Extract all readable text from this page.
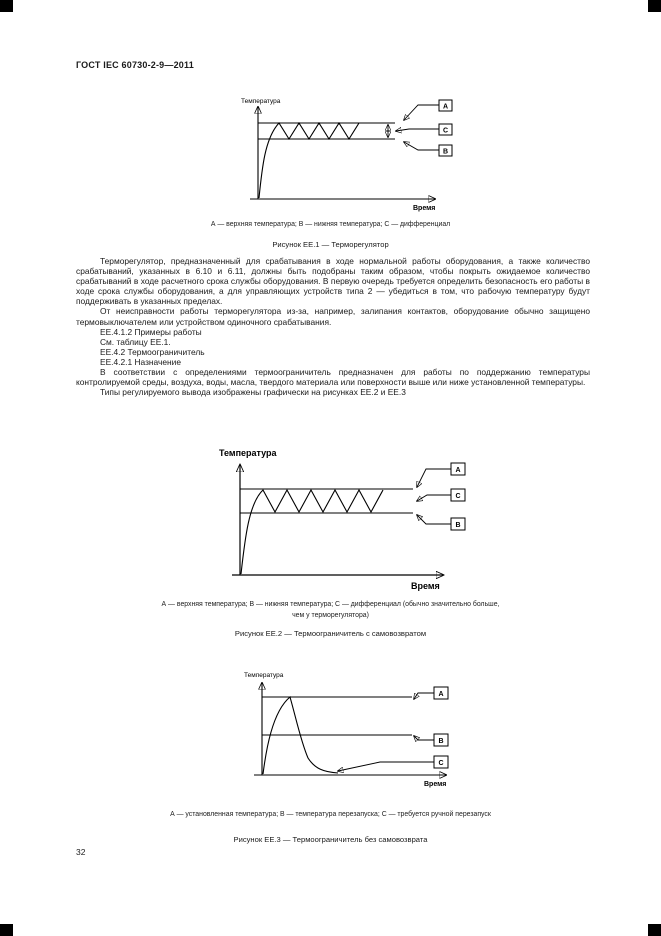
ГОСТ IEC 60730-2-9—2011
Температура
Время
А
С
В
А — верхняя температура; В — нижняя температура; С — дифференциал
Рисунок ЕЕ.1 — Терморегулятор

Терморегулятор, предназначенный для срабатывания в ходе нормальной работы оборудования, а также количество срабатываний, указанных в 6.10 и 6.11, должны быть подобраны таким образом, чтобы покрыть ожидаемое количество срабатываний в ходе расчетного срока службы оборудования. В первую очередь требуется определить безопасность его работы в ходе срока службы оборудования, а для управляющих устройств типа 2 — убедиться в том, что рабочую температуру будут поддерживать в указанных пределах.

От неисправности работы терморегулятора из-за, например, залипания контактов, оборудование обычно защищено термовыключателем или устройством одиночного срабатывания.

ЕЕ.4.1.2 Примеры работы

См. таблицу ЕЕ.1.

ЕЕ.4.2 Термоограничитель

ЕЕ.4.2.1 Назначение

В соответствии с определениями термоограничитель предназначен для работы по поддержанию температуры контролируемой среды, воздуха, воды, масла, твердого материала или поверхности выше или ниже установленной температуры.

Типы регулируемого вывода изображены графически на рисунках ЕЕ.2 и ЕЕ.3

Температура
Время
А
С
В
А — верхняя температура; В — нижняя температура; С — дифференциал (обычно значительно больше,
чем у терморегулятора)
Рисунок ЕЕ.2 — Термоограничитель с самовозвратом
Температура
Время
А
В
С
А — установленная температура; В — температура перезапуска; С — требуется ручной перезапуск
Рисунок ЕЕ.3 — Термоограничитель без самовозврата
32
